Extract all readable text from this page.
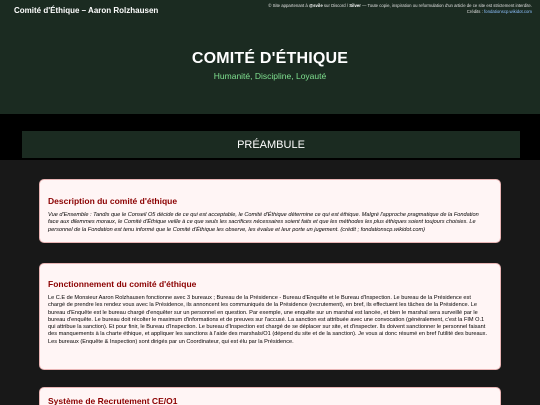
Comité d'Éthique – Aaron Rolzhausen
© Site appartenant à @svile sur Discord / Silver — Toute copie, inspiration ou reformulation d'un article de ce site est strictement interdite.
Crédits : fondationscp.wikidot.com
COMITÉ D'ÉTHIQUE
Humanité, Discipline, Loyauté
PRÉAMBULE
Description du comité d'éthique

Vue d'Ensemble : Tandis que le Conseil O5 décide de ce qui est acceptable, le Comité d'Éthique détermine ce qui est éthique. Malgré l'approche pragmatique de la Fondation face aux dilemmes moraux, le Comité d'Éthique veille à ce que seuls les sacrifices nécessaires soient faits et que les méthodes les plus éthiques soient toujours choisies. Le personnel de la Fondation est tenu informé que le Comité d'Éthique les observe, les évalue et leur porte un jugement. (crédit ; fondationscp.wikidot.com)

Fonctionnement du comité d'éthique

Le C.E de Monsieur Aaron Rolzhausen fonctionne avec 3 bureaux ; Bureau de la Présidence - Bureau d'Enquête et le Bureau d'Inspection. Le bureau de la Présidence est chargé de prendre les rendez vous avec la Présidence, ils annoncent les communiqués de la Présidence (recrutement), en bref, ils effectuent les tâches de la Présidence. Le bureau d'Enquête est le bureau chargé d'enquêter sur un personnel en question. Par exemple, une enquête sur un marshal est lancée, et bien le marshal sera surveillé par le bureau d'enquête. Le bureau doit récolter le maximum d'informations et de preuves sur l'accusé. La sanction est attribuée avec une convocation (généralement, c'est la FIM O.1 qui attribue la sanction). Et pour finir, le Bureau d'Inspection. Le bureau d'Inspection est chargé de se déplacer sur site, et d'inspecter. Ils doivent sanctionner le personnel faisant des manquements à la charte éthique, et appliquer les sanctions à l'aide des marshals/O1 (dépend du site et de la sanction). Je vous ai donc résumé en bref l'utilité des bureaux. Les bureaux (Enquête & Inspection) sont dirigés par un Coordinateur, qui est élu par la Présidence.

Système de Recrutement CE/O1
